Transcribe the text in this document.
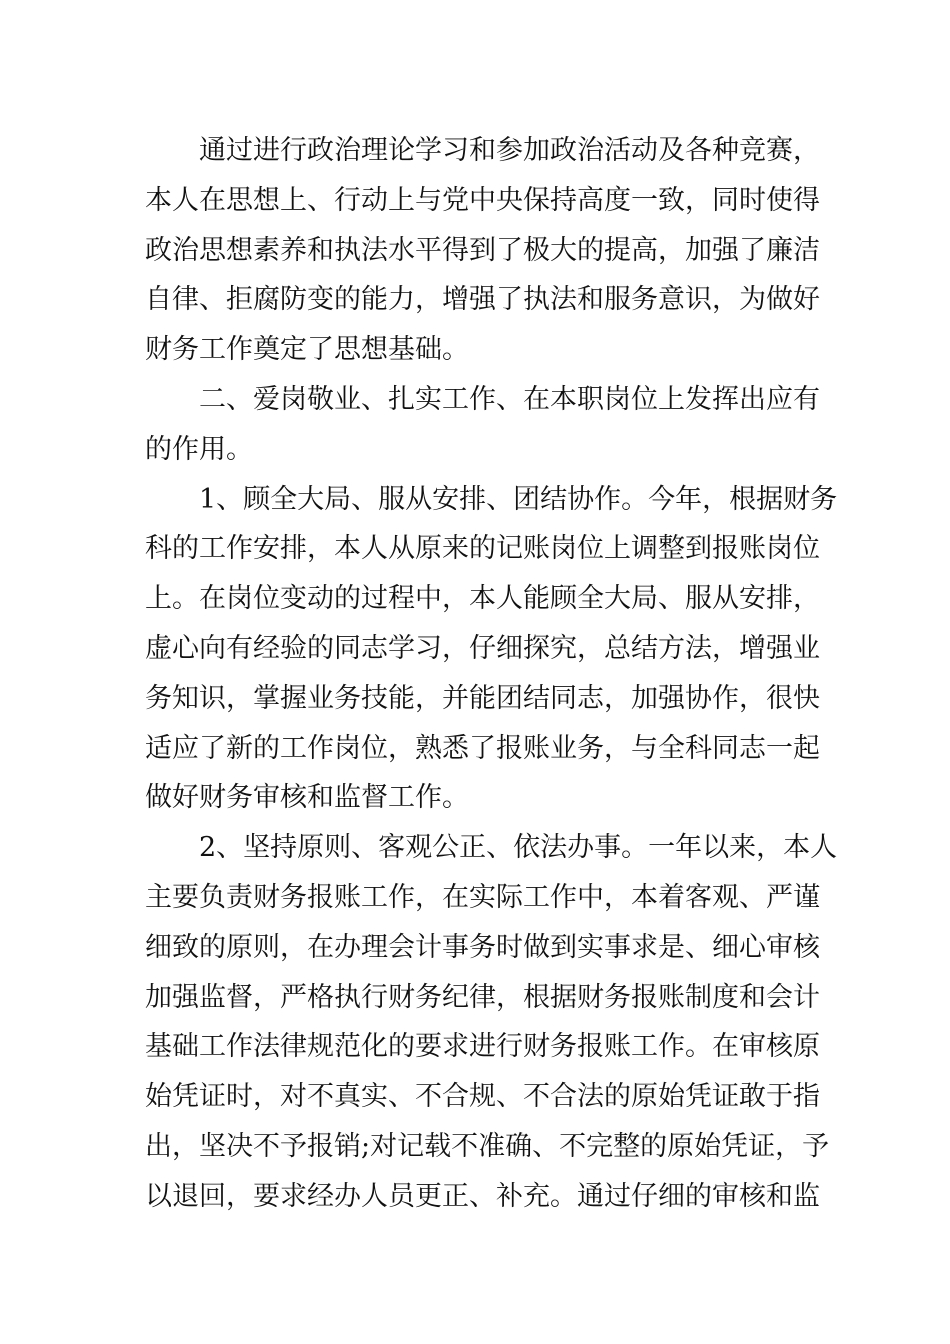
通过进行政治理论学习和参加政治活动及各种竞赛，
本人在思想上、行动上与党中央保持高度一致，同时使得
政治思想素养和执法水平得到了极大的提高，加强了廉洁
自律、拒腐防变的能力，增强了执法和服务意识，为做好
财务工作奠定了思想基础。
二、爱岗敬业、扎实工作、在本职岗位上发挥出应有
的作用。
1、顾全大局、服从安排、团结协作。今年，根据财务
科的工作安排，本人从原来的记账岗位上调整到报账岗位
上。在岗位变动的过程中，本人能顾全大局、服从安排，
虚心向有经验的同志学习，仔细探究，总结方法，增强业
务知识，掌握业务技能，并能团结同志，加强协作，很快
适应了新的工作岗位，熟悉了报账业务，与全科同志一起
做好财务审核和监督工作。
2、坚持原则、客观公正、依法办事。一年以来，本人
主要负责财务报账工作，在实际工作中，本着客观、严谨
细致的原则，在办理会计事务时做到实事求是、细心审核
加强监督，严格执行财务纪律，根据财务报账制度和会计
基础工作法律规范化的要求进行财务报账工作。在审核原
始凭证时，对不真实、不合规、不合法的原始凭证敢于指
出，坚决不予报销;对记载不准确、不完整的原始凭证，予
以退回，要求经办人员更正、补充。通过仔细的审核和监
